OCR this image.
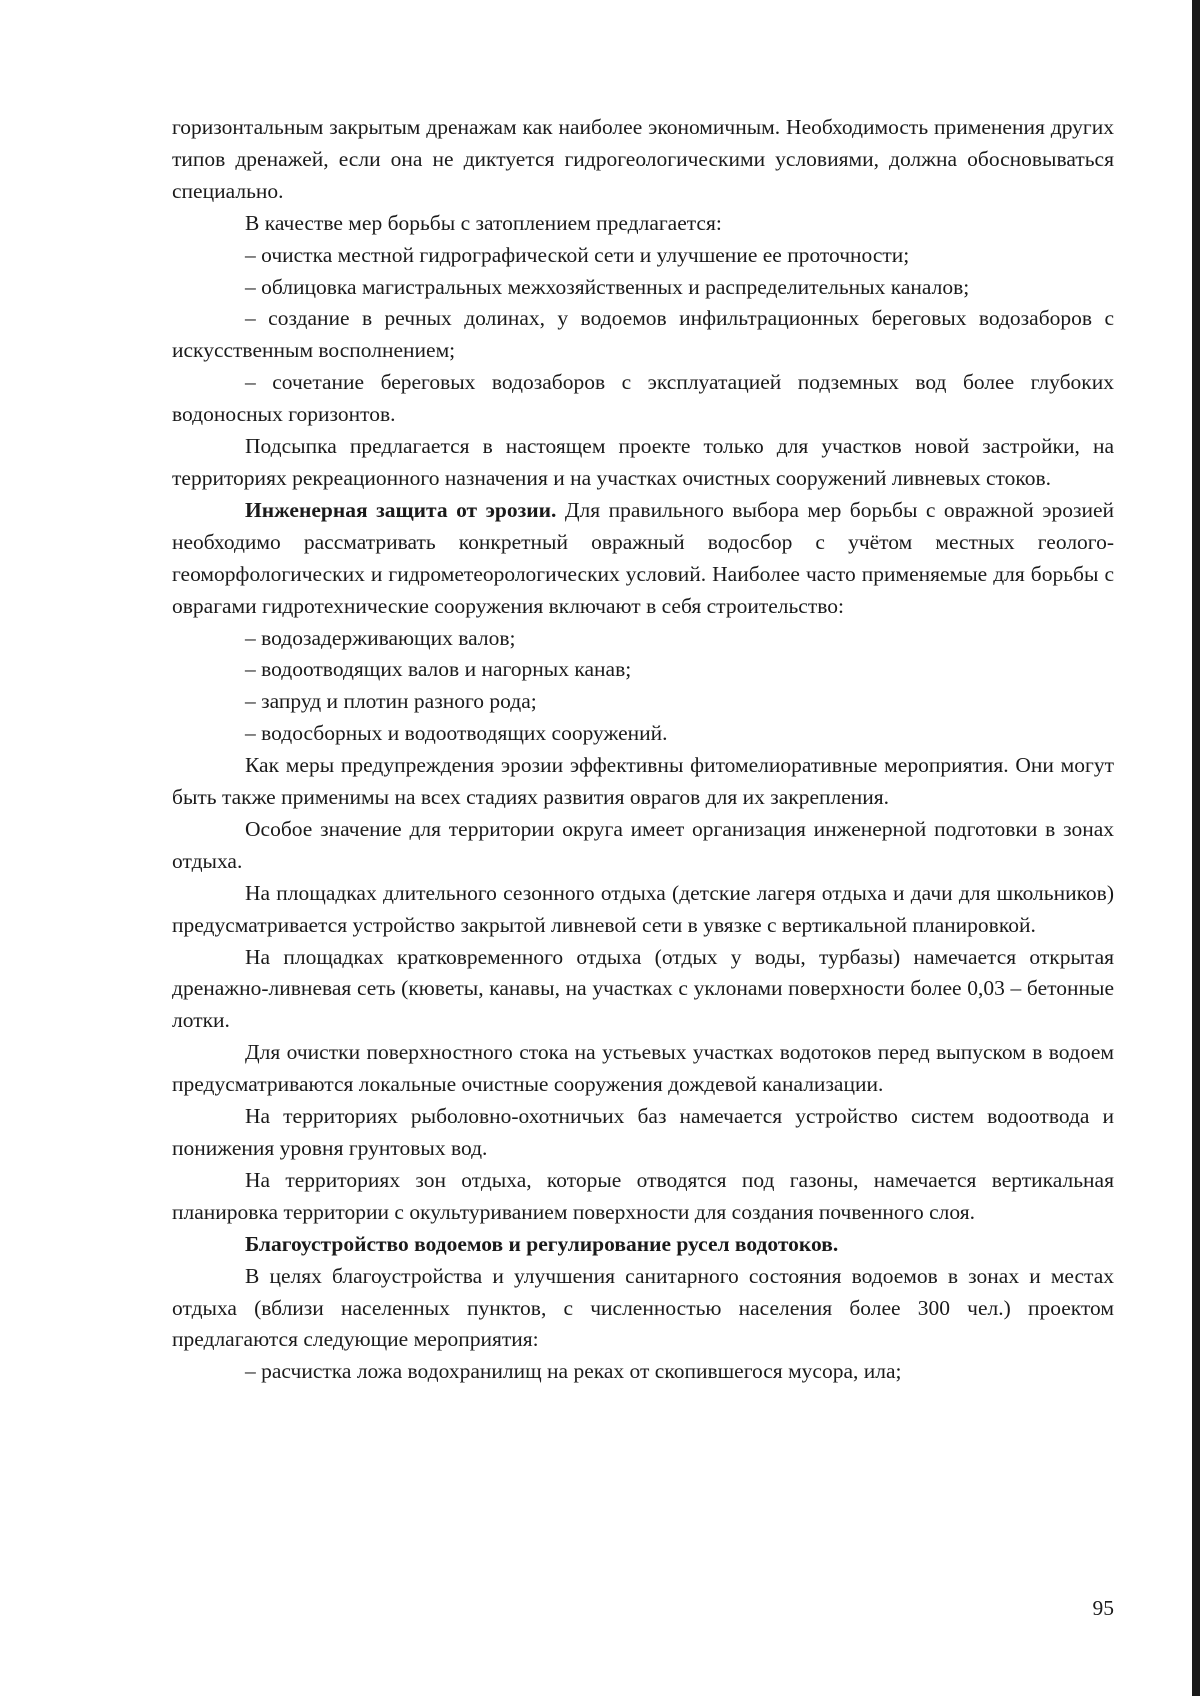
горизонтальным закрытым дренажам как наиболее экономичным. Необходимость применения других типов дренажей, если она не диктуется гидрогеологическими условиями, должна обосновываться специально.

В качестве мер борьбы с затоплением предлагается:

– очистка местной гидрографической сети и улучшение ее проточности;
– облицовка магистральных межхозяйственных и распределительных каналов;
– создание в речных долинах, у водоемов инфильтрационных береговых водозаборов с искусственным восполнением;
– сочетание береговых водозаборов с эксплуатацией подземных вод более глубоких водоносных горизонтов.

Подсыпка предлагается в настоящем проекте только для участков новой застройки, на территориях рекреационного назначения и на участках очистных сооружений ливневых стоков.

Инженерная защита от эрозии. Для правильного выбора мер борьбы с овражной эрозией необходимо рассматривать конкретный овражный водосбор с учётом местных геолого-геоморфологических и гидрометеорологических условий. Наиболее часто применяемые для борьбы с оврагами гидротехнические сооружения включают в себя строительство:

– водозадерживающих валов;
– водоотводящих валов и нагорных канав;
– запруд и плотин разного рода;
– водосборных и водоотводящих сооружений.

Как меры предупреждения эрозии эффективны фитомелиоративные мероприятия. Они могут быть также применимы на всех стадиях развития оврагов для их закрепления.

Особое значение для территории округа имеет организация инженерной подготовки в зонах отдыха.

На площадках длительного сезонного отдыха (детские лагеря отдыха и дачи для школьников) предусматривается устройство закрытой ливневой сети в увязке с вертикальной планировкой.

На площадках кратковременного отдыха (отдых у воды, турбазы) намечается открытая дренажно-ливневая сеть (кюветы, канавы, на участках с уклонами поверхности более 0,03 – бетонные лотки.

Для очистки поверхностного стока на устьевых участках водотоков перед выпуском в водоем предусматриваются локальные очистные сооружения дождевой канализации.

На территориях рыболовно-охотничьих баз намечается устройство систем водоотвода и понижения уровня грунтовых вод.

На территориях зон отдыха, которые отводятся под газоны, намечается вертикальная планировка территории с окультуриванием поверхности для создания почвенного слоя.

Благоустройство водоемов и регулирование русел водотоков.

В целях благоустройства и улучшения санитарного состояния водоемов в зонах и местах отдыха (вблизи населенных пунктов, с численностью населения более 300 чел.) проектом предлагаются следующие мероприятия:

– расчистка ложа водохранилищ на реках от скопившегося мусора, ила;
95
